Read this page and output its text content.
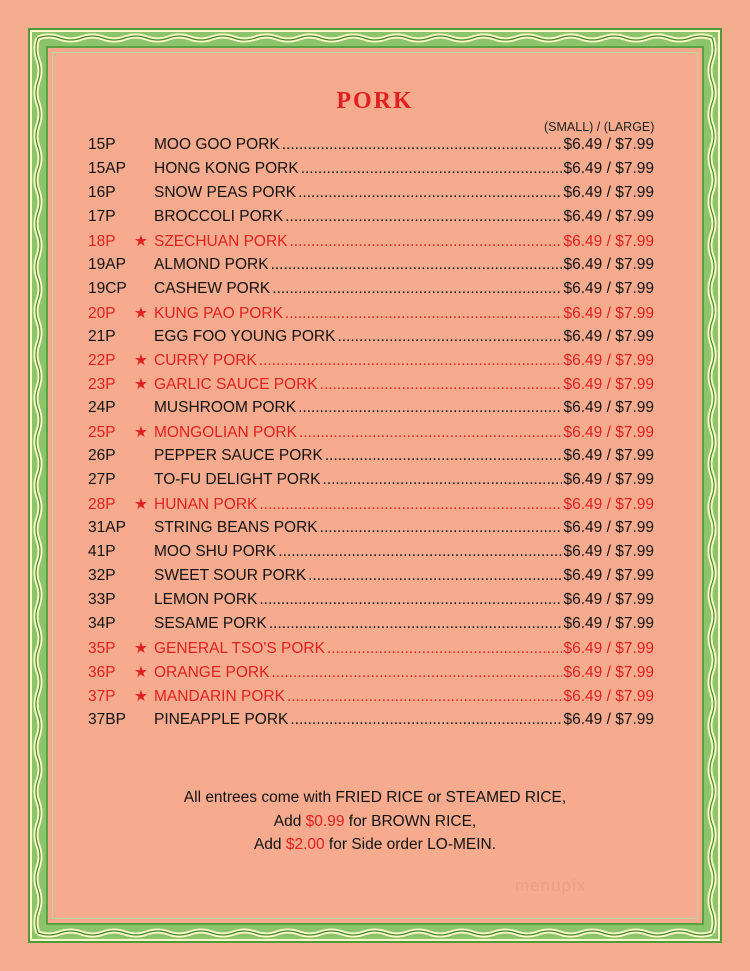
PORK
(SMALL) / (LARGE)
15P	MOO GOO PORK .....	$6.49 / $7.99
15AP	HONG KONG PORK .....	$6.49 / $7.99
16P	SNOW PEAS PORK .....	$6.49 / $7.99
17P	BROCCOLI PORK .....	$6.49 / $7.99
18P	★ SZECHUAN PORK .....	$6.49 / $7.99
19AP	ALMOND PORK .....	$6.49 / $7.99
19CP	CASHEW PORK .....	$6.49 / $7.99
20P	★ KUNG PAO PORK .....	$6.49 / $7.99
21P	EGG FOO YOUNG PORK .....	$6.49 / $7.99
22P	★ CURRY PORK .....	$6.49 / $7.99
23P	★ GARLIC SAUCE PORK .....	$6.49 / $7.99
24P	MUSHROOM PORK .....	$6.49 / $7.99
25P	★ MONGOLIAN PORK .....	$6.49 / $7.99
26P	PEPPER SAUCE PORK .....	$6.49 / $7.99
27P	TO-FU DELIGHT PORK .....	$6.49 / $7.99
28P	★ HUNAN PORK .....	$6.49 / $7.99
31AP	STRING BEANS PORK .....	$6.49 / $7.99
41P	MOO SHU PORK .....	$6.49 / $7.99
32P	SWEET SOUR PORK .....	$6.49 / $7.99
33P	LEMON PORK .....	$6.49 / $7.99
34P	SESAME PORK .....	$6.49 / $7.99
35P	★ GENERAL TSO'S PORK .....	$6.49 / $7.99
36P	★ ORANGE PORK .....	$6.49 / $7.99
37P	★ MANDARIN PORK .....	$6.49 / $7.99
37BP	PINEAPPLE PORK .....	$6.49 / $7.99
All entrees come with FRIED RICE or STEAMED RICE,
Add $0.99 for BROWN RICE,
Add $2.00 for Side order LO-MEIN.
menupix
